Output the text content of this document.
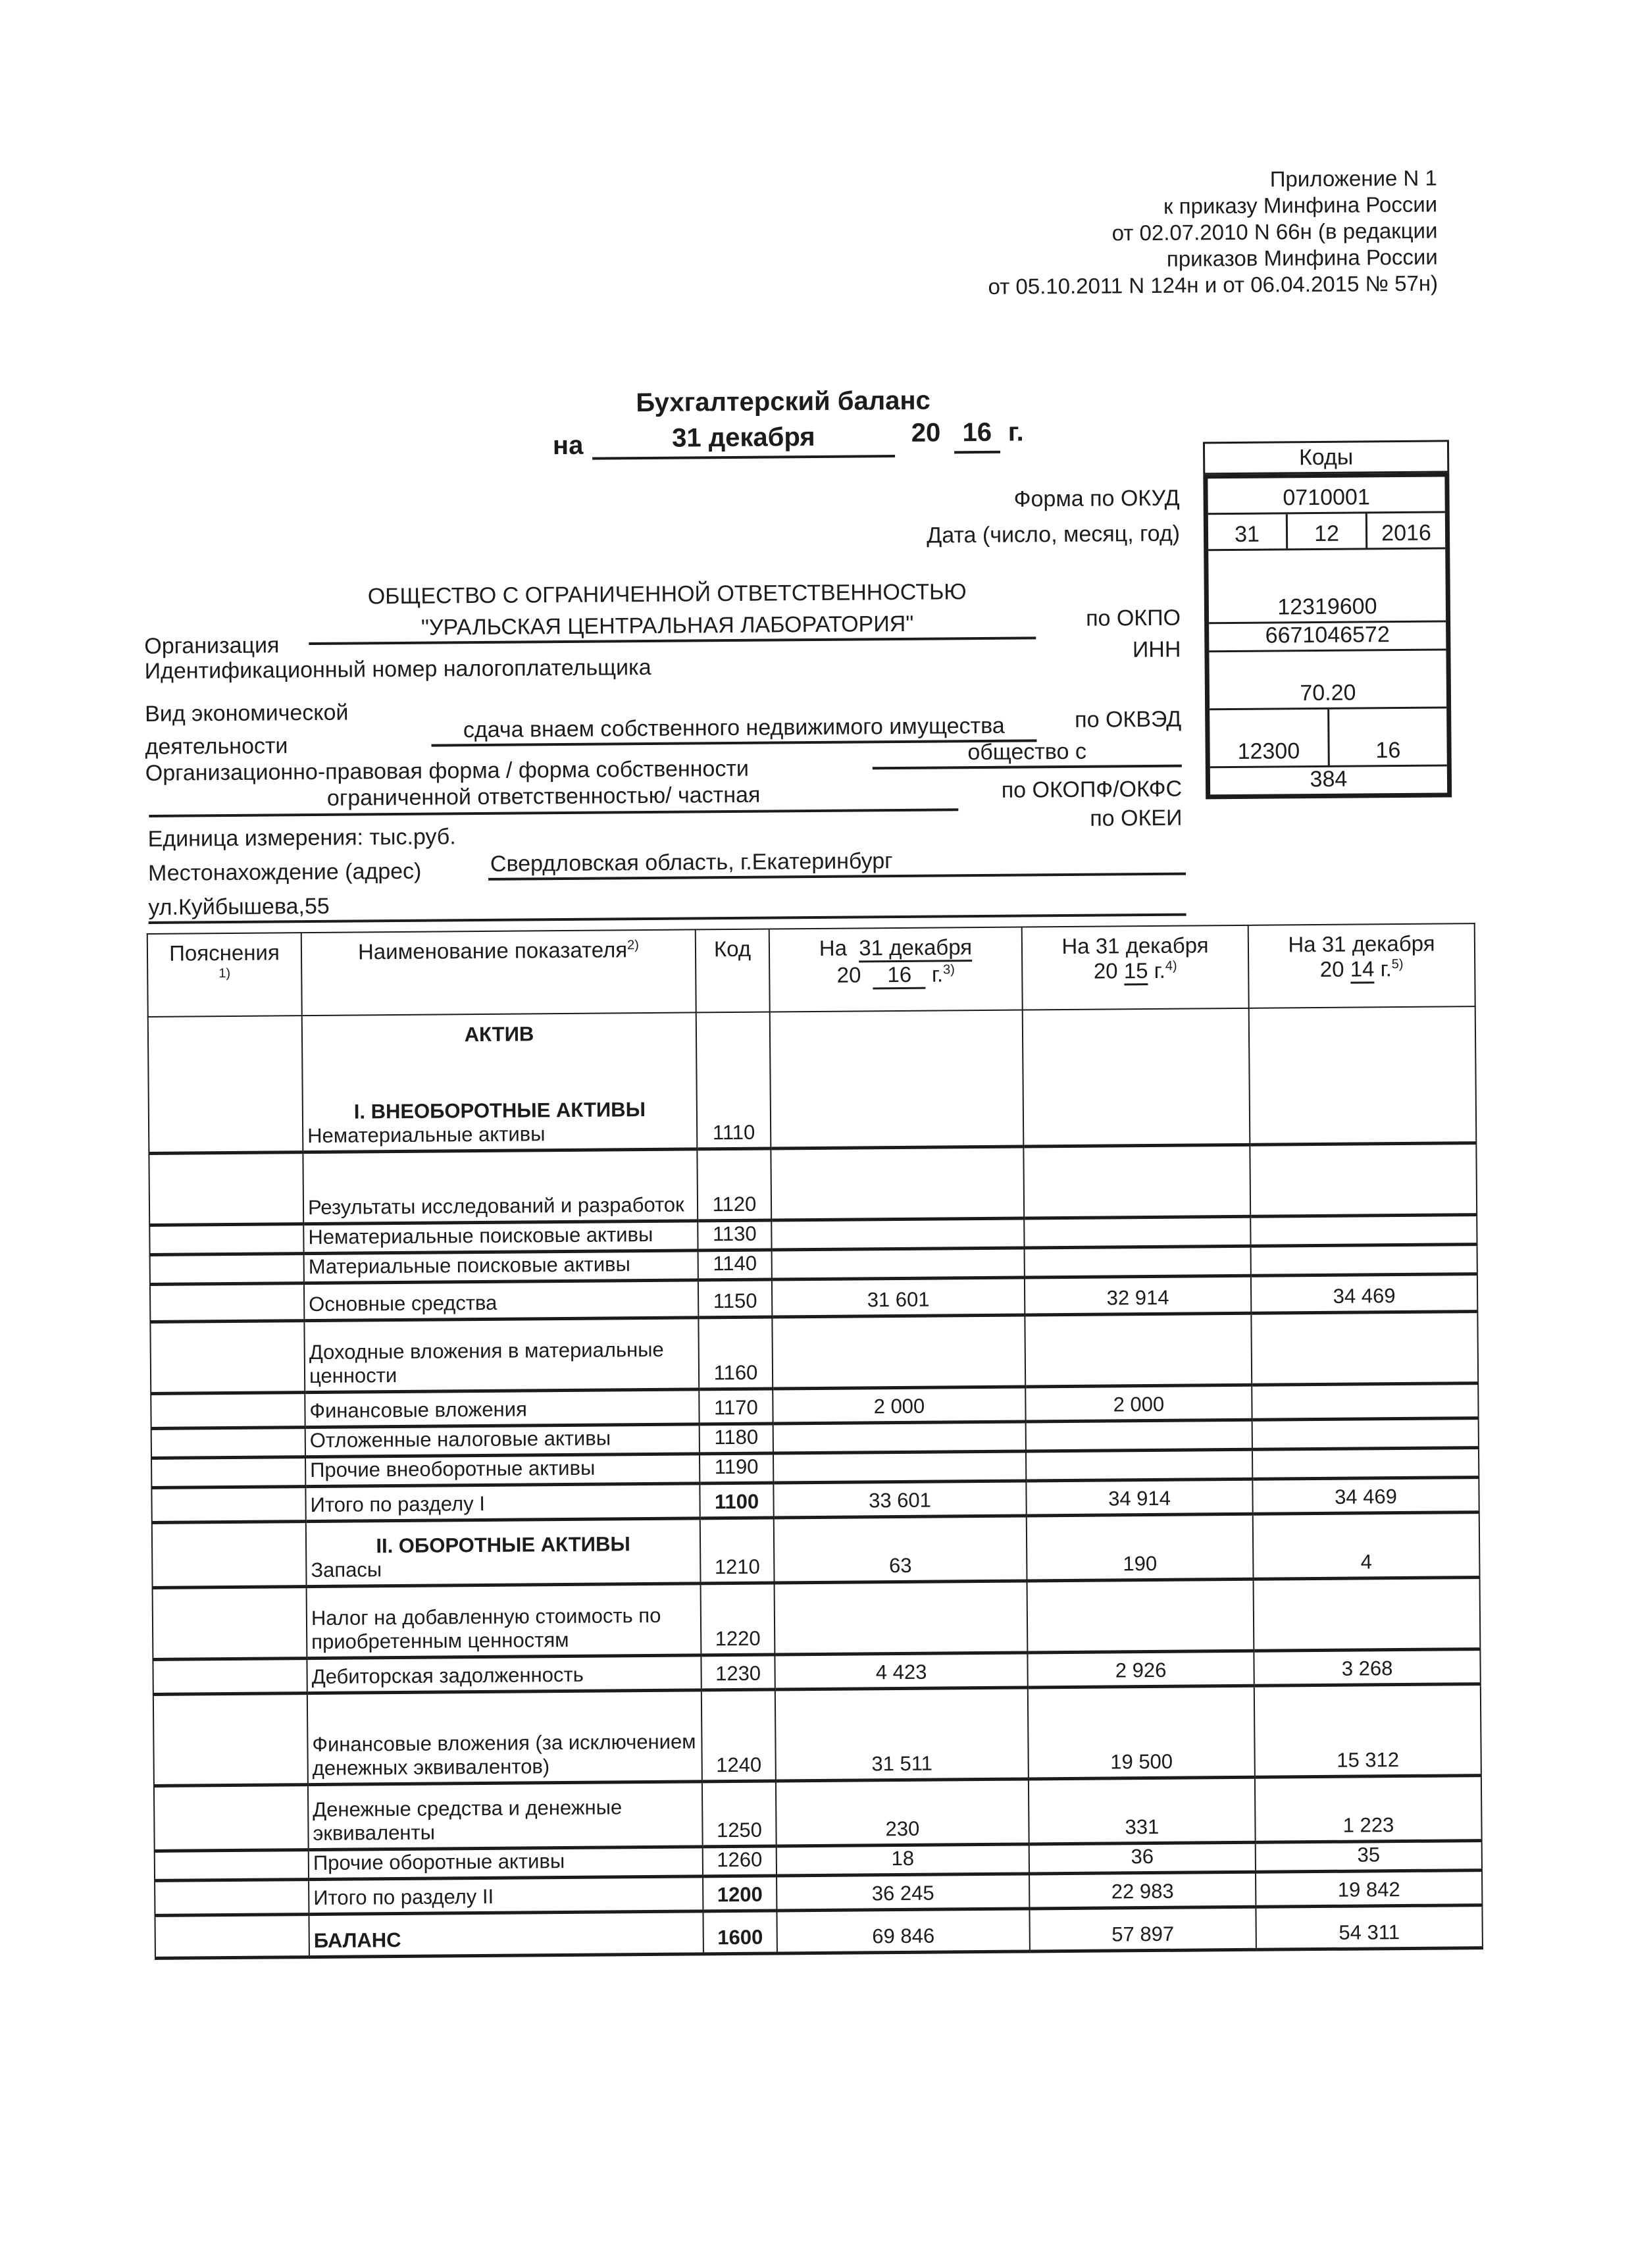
Приложение N 1
к приказу Минфина России
от 02.07.2010 N 66н (в редакции
приказов Минфина России
от 05.10.2011 N 124н и от 06.04.2015 № 57н)
Бухгалтерский баланс
на	31 декабря	20 16 г.
Коды
0710001
31	12	2016
12319600
6671046572
70.20
12300	16
384
Форма по ОКУД
Дата (число, месяц, год)
ОБЩЕСТВО С ОГРАНИЧЕННОЙ ОТВЕТСТВЕННОСТЬЮ
"УРАЛЬСКАЯ ЦЕНТРАЛЬНАЯ ЛАБОРАТОРИЯ"
Организация
по ОКПО
Идентификационный номер налогоплательщика
ИНН
Вид экономической
деятельности
сдача внаем собственного недвижимого имущества	по ОКВЭД
Организационно-правовая форма / форма собственности
общество с
ограниченной ответственностью/ частная	по ОКОПФ/ОКФС
Единица измерения: тыс.руб.
по ОКЕИ
Местонахождение (адрес)	Свердловская область, г.Екатеринбург
ул.Куйбышева,55
Пояснения
$^{1)}$	Наименование показателя$^{2)}$	Код	На 31 декабря
20 16 г.$^{3)}$	На 31 декабря
20 15 г.$^{4)}$	На 31 декабря
20 14 г.$^{5)}$

	АКТИВ
I. ВНЕОБОРОТНЫЕ АКТИВЫ
Нематериальные активы	1110			
	Результаты исследований и разработок	1120			
	Нематериальные поисковые активы	1130			
	Материальные поисковые активы	1140			
	Основные средства	1150	31 601	32 914	34 469
	Доходные вложения в материальные ценности	1160			
	Финансовые вложения	1170	2 000	2 000	
	Отложенные налоговые активы	1180			
	Прочие внеоборотные активы	1190			
	Итого по разделу I	1100	33 601	34 914	34 469

	II. ОБОРОТНЫЕ АКТИВЫ
Запасы	1210	63	190	4
	Налог на добавленную стоимость по приобретенным ценностям	1220			
	Дебиторская задолженность	1230	4 423	2 926	3 268
	Финансовые вложения (за исключением денежных эквивалентов)	1240	31 511	19 500	15 312
	Денежные средства и денежные эквиваленты	1250	230	331	1 223
	Прочие оборотные активы	1260	18	36	35
	Итого по разделу II	1200	36 245	22 983	19 842
	БАЛАНС	1600	69 846	57 897	54 311
